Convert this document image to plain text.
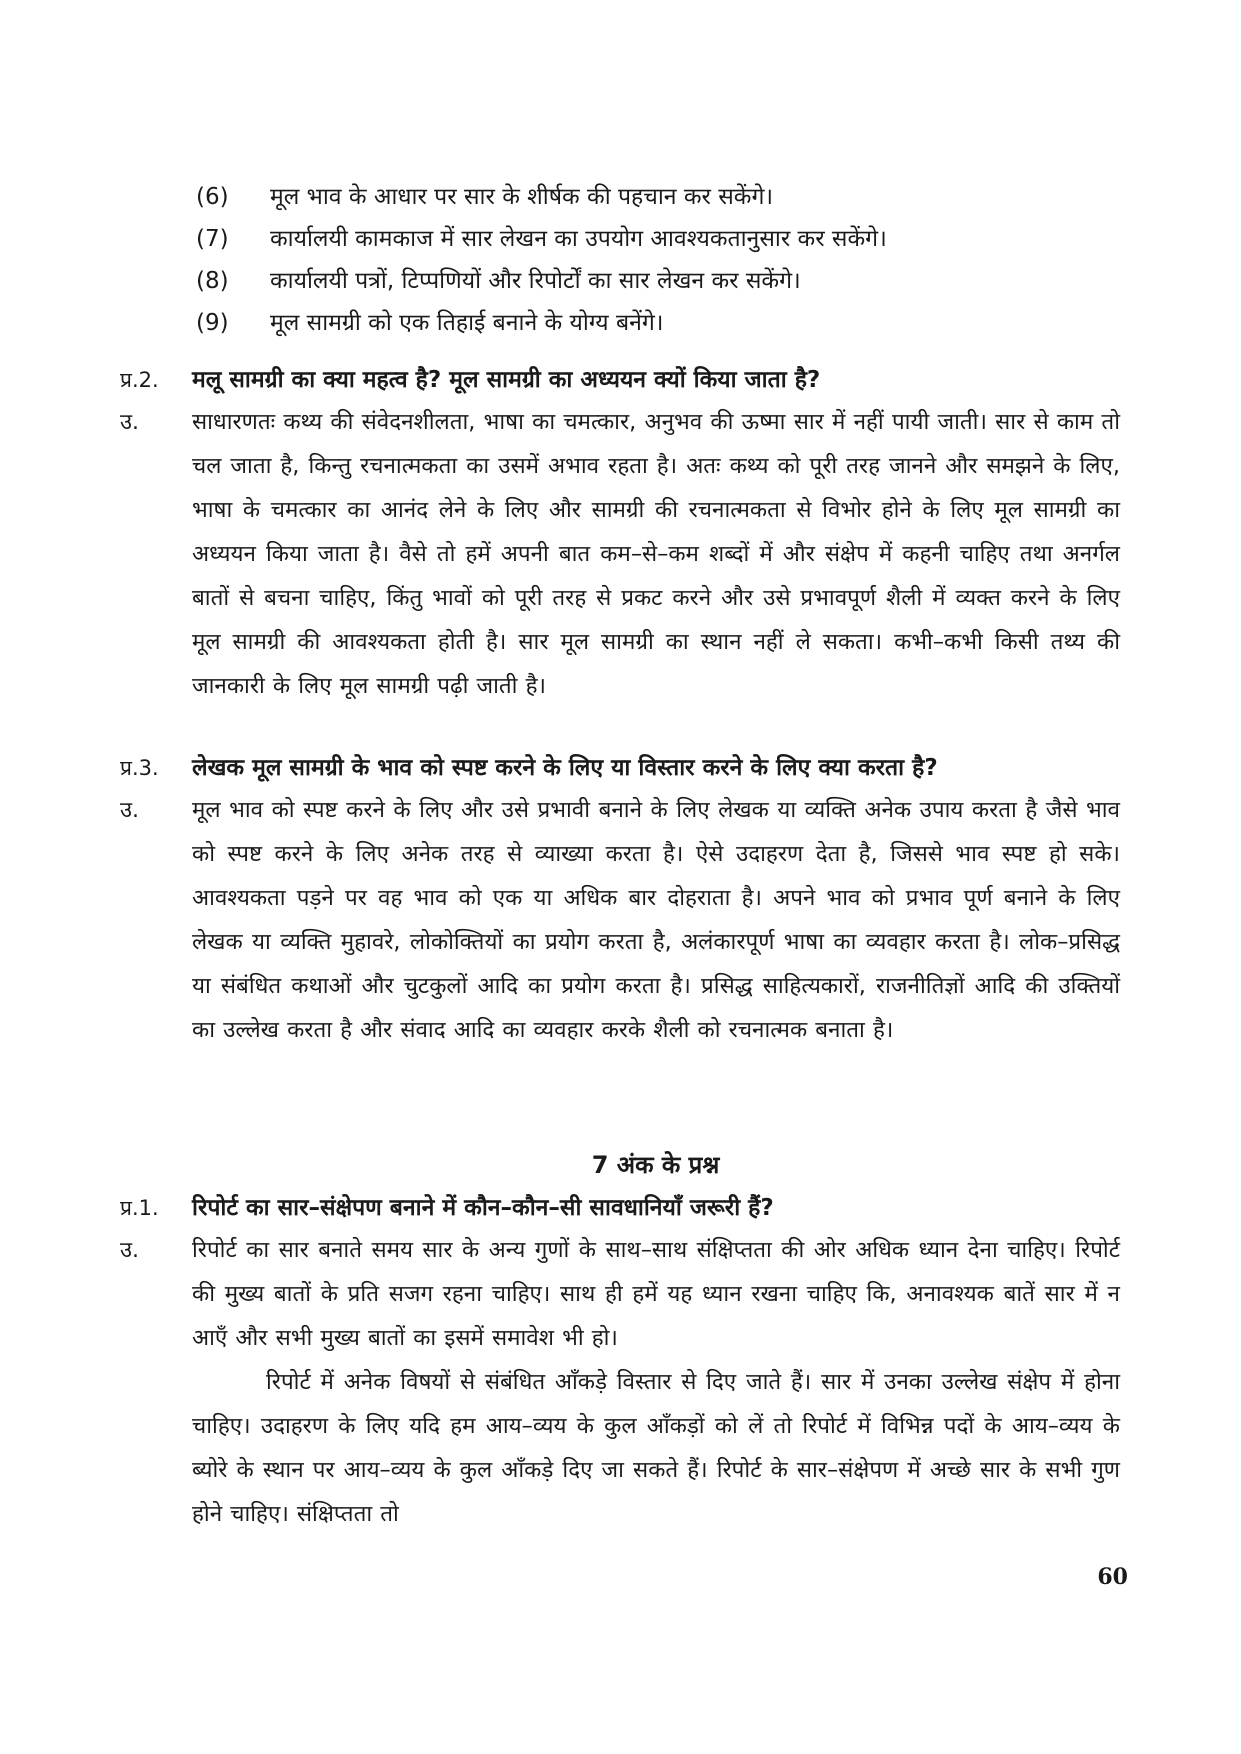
(6)	मूल भाव के आधार पर सार के शीर्षक की पहचान कर सकेंगे।
(7)	कार्यालयी कामकाज में सार लेखन का उपयोग आवश्यकतानुसार कर सकेंगे।
(8)	कार्यालयी पत्रों, टिप्पणियों और रिपोर्टों का सार लेखन कर सकेंगे।
(9)	मूल सामग्री को एक तिहाई बनाने के योग्य बनेंगे।
प्र.2.	मलू सामग्री का क्या महत्व है? मूल सामग्री का अध्ययन क्यों किया जाता है?
उ.	साधारणतः कथ्य की संवेदनशीलता, भाषा का चमत्कार, अनुभव की ऊष्मा सार में नहीं पायी जाती। सार से काम तो चल जाता है, किन्तु रचनात्मकता का उसमें अभाव रहता है। अतः कथ्य को पूरी तरह जानने और समझने के लिए, भाषा के चमत्कार का आनंद लेने के लिए और सामग्री की रचनात्मकता से विभोर होने के लिए मूल सामग्री का अध्ययन किया जाता है। वैसे तो हमें अपनी बात कम–से–कम शब्दों में और संक्षेप में कहनी चाहिए तथा अनर्गल बातों से बचना चाहिए, किंतु भावों को पूरी तरह से प्रकट करने और उसे प्रभावपूर्ण शैली में व्यक्त करने के लिए मूल सामग्री की आवश्यकता होती है। सार मूल सामग्री का स्थान नहीं ले सकता। कभी–कभी किसी तथ्य की जानकारी के लिए मूल सामग्री पढ़ी जाती है।
प्र.3.	लेखक मूल सामग्री के भाव को स्पष्ट करने के लिए या विस्तार करने के लिए क्या करता है?
उ.	मूल भाव को स्पष्ट करने के लिए और उसे प्रभावी बनाने के लिए लेखक या व्यक्ति अनेक उपाय करता है जैसे भाव को स्पष्ट करने के लिए अनेक तरह से व्याख्या करता है। ऐसे उदाहरण देता है, जिससे भाव स्पष्ट हो सके। आवश्यकता पड़ने पर वह भाव को एक या अधिक बार दोहराता है। अपने भाव को प्रभाव पूर्ण बनाने के लिए लेखक या व्यक्ति मुहावरे, लोकोक्तियों का प्रयोग करता है, अलंकारपूर्ण भाषा का व्यवहार करता है। लोक–प्रसिद्ध या संबंधित कथाओं और चुटकुलों आदि का प्रयोग करता है। प्रसिद्ध साहित्यकारों, राजनीतिज्ञों आदि की उक्तियों का उल्लेख करता है और संवाद आदि का व्यवहार करके शैली को रचनात्मक बनाता है।
7 अंक के प्रश्न
प्र.1.	रिपोर्ट का सार–संक्षेपण बनाने में कौन–कौन–सी सावधानियाँ जरूरी हैं?
उ.	रिपोर्ट का सार बनाते समय सार के अन्य गुणों के साथ–साथ संक्षिप्तता की ओर अधिक ध्यान देना चाहिए। रिपोर्ट की मुख्य बातों के प्रति सजग रहना चाहिए। साथ ही हमें यह ध्यान रखना चाहिए कि, अनावश्यक बातें सार में न आएँ और सभी मुख्य बातों का इसमें समावेश भी हो।
रिपोर्ट में अनेक विषयों से संबंधित आँकड़े विस्तार से दिए जाते हैं। सार में उनका उल्लेख संक्षेप में होना चाहिए। उदाहरण के लिए यदि हम आय–व्यय के कुल आँकड़ों को लें तो रिपोर्ट में विभिन्न पदों के आय–व्यय के ब्योरे के स्थान पर आय–व्यय के कुल आँकड़े दिए जा सकते हैं। रिपोर्ट के सार–संक्षेपण में अच्छे सार के सभी गुण होने चाहिए। संक्षिप्तता तो
60
